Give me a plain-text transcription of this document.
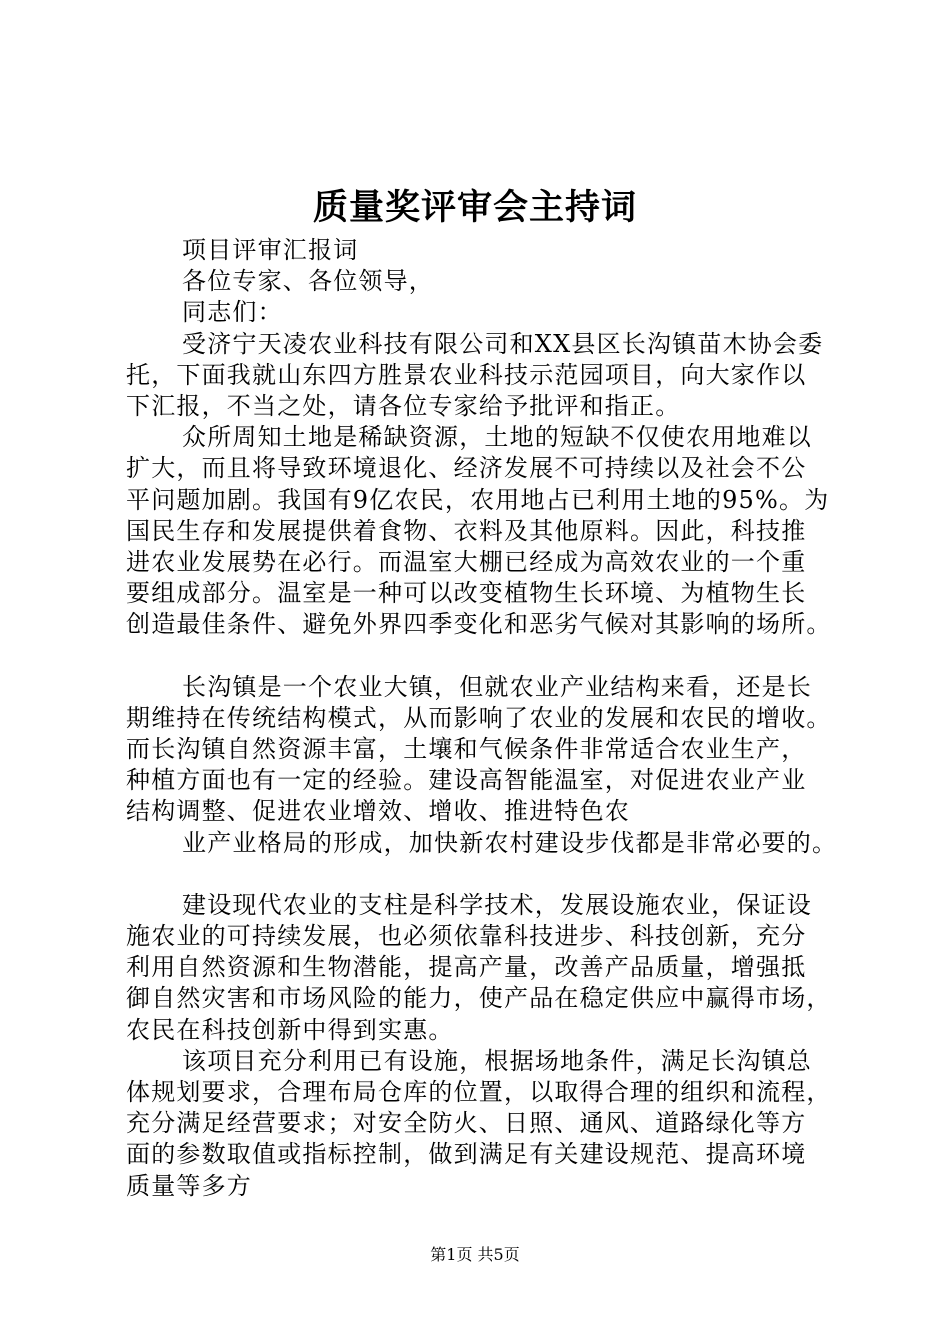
质量奖评审会主持词

项目评审汇报词

各位专家、各位领导，

同志们：

受济宁天凌农业科技有限公司和XX县区长沟镇苗木协会委
托，下面我就山东四方胜景农业科技示范园项目，向大家作以
下汇报，不当之处，请各位专家给予批评和指正。

众所周知土地是稀缺资源，土地的短缺不仅使农用地难以
扩大，而且将导致环境退化、经济发展不可持续以及社会不公
平问题加剧。我国有9亿农民，农用地占已利用土地的95%。为
国民生存和发展提供着食物、衣料及其他原料。因此，科技推
进农业发展势在必行。而温室大棚已经成为高效农业的一个重
要组成部分。温室是一种可以改变植物生长环境、为植物生长
创造最佳条件、避免外界四季变化和恶劣气候对其影响的场所。

长沟镇是一个农业大镇，但就农业产业结构来看，还是长
期维持在传统结构模式，从而影响了农业的发展和农民的增收。
而长沟镇自然资源丰富，土壤和气候条件非常适合农业生产，
种植方面也有一定的经验。建设高智能温室，对促进农业产业
结构调整、促进农业增效、增收、推进特色农

业产业格局的形成，加快新农村建设步伐都是非常必要的。

建设现代农业的支柱是科学技术，发展设施农业，保证设
施农业的可持续发展，也必须依靠科技进步、科技创新，充分
利用自然资源和生物潜能，提高产量，改善产品质量，增强抵
御自然灾害和市场风险的能力，使产品在稳定供应中赢得市场，
农民在科技创新中得到实惠。

该项目充分利用已有设施，根据场地条件，满足长沟镇总
体规划要求，合理布局仓库的位置，以取得合理的组织和流程，
充分满足经营要求；对安全防火、日照、通风、道路绿化等方
面的参数取值或指标控制，做到满足有关建设规范、提高环境
质量等多方

第1页 共5页
